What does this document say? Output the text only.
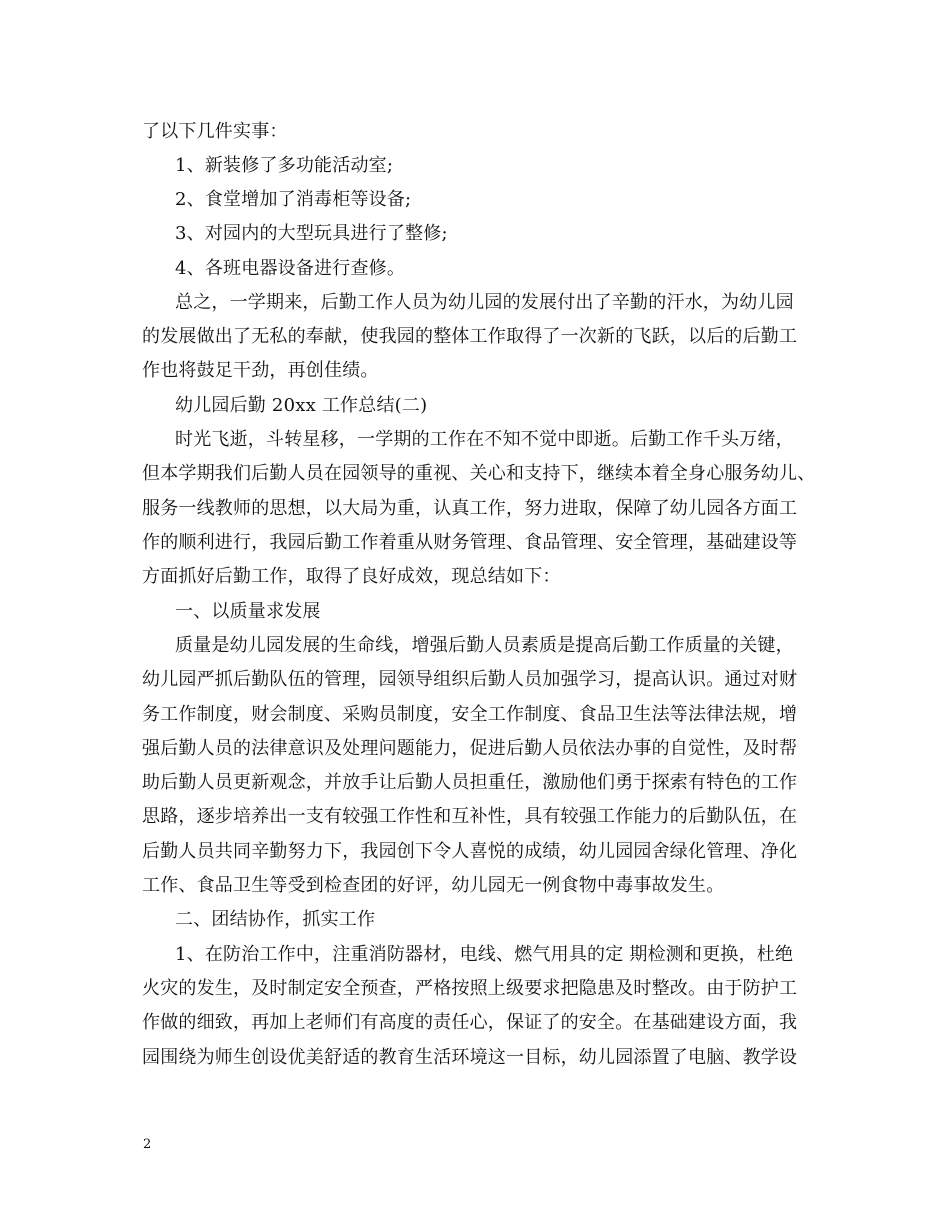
了以下几件实事：
1、新装修了多功能活动室;
2、食堂增加了消毒柜等设备;
3、对园内的大型玩具进行了整修;
4、各班电器设备进行查修。
总之，一学期来，后勤工作人员为幼儿园的发展付出了辛勤的汗水，为幼儿园
的发展做出了无私的奉献，使我园的整体工作取得了一次新的飞跃，以后的后勤工
作也将鼓足干劲，再创佳绩。
幼儿园后勤 20xx 工作总结(二)
时光飞逝，斗转星移，一学期的工作在不知不觉中即逝。后勤工作千头万绪，
但本学期我们后勤人员在园领导的重视、关心和支持下，继续本着全身心服务幼儿、
服务一线教师的思想，以大局为重，认真工作，努力进取，保障了幼儿园各方面工
作的顺利进行，我园后勤工作着重从财务管理、食品管理、安全管理，基础建设等
方面抓好后勤工作，取得了良好成效，现总结如下：
一、以质量求发展
质量是幼儿园发展的生命线，增强后勤人员素质是提高后勤工作质量的关键，
幼儿园严抓后勤队伍的管理，园领导组织后勤人员加强学习，提高认识。通过对财
务工作制度，财会制度、采购员制度，安全工作制度、食品卫生法等法律法规，增
强后勤人员的法律意识及处理问题能力，促进后勤人员依法办事的自觉性，及时帮
助后勤人员更新观念，并放手让后勤人员担重任，激励他们勇于探索有特色的工作
思路，逐步培养出一支有较强工作性和互补性，具有较强工作能力的后勤队伍，在
后勤人员共同辛勤努力下，我园创下令人喜悦的成绩，幼儿园园舍绿化管理、净化
工作、食品卫生等受到检查团的好评，幼儿园无一例食物中毒事故发生。
二、团结协作，抓实工作
1、在防治工作中，注重消防器材，电线、燃气用具的定 期检测和更换，杜绝
火灾的发生，及时制定安全预查，严格按照上级要求把隐患及时整改。由于防护工
作做的细致，再加上老师们有高度的责任心，保证了的安全。在基础建设方面，我
园围绕为师生创设优美舒适的教育生活环境这一目标，幼儿园添置了电脑、教学设
2
